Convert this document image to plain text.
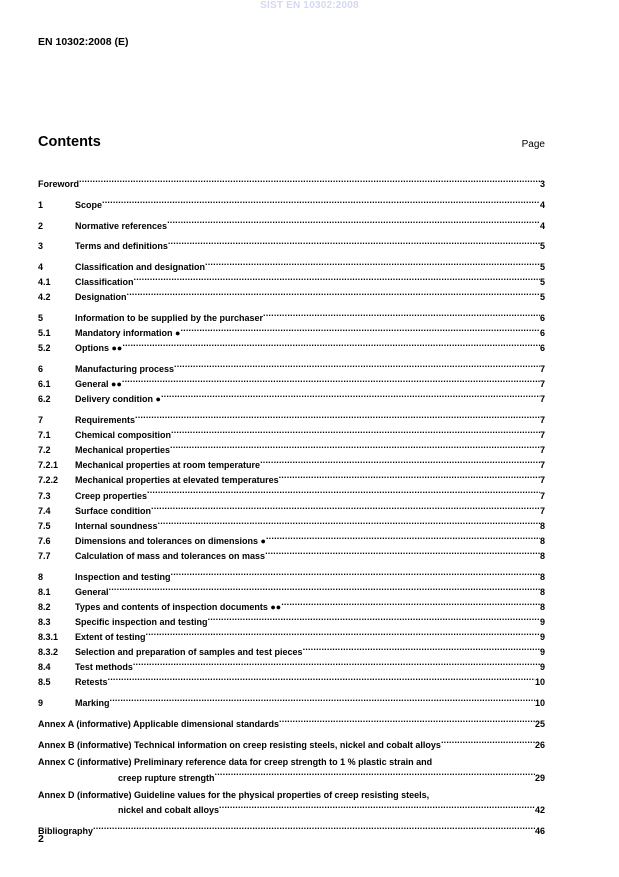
SIST EN 10302:2008
EN 10302:2008 (E)
Contents	Page
Foreword .....	3
1	Scope .....	4
2	Normative references .....	4
3	Terms and definitions .....	5
4	Classification and designation .....	5
4.1	Classification .....	5
4.2	Designation .....	5
5	Information to be supplied by the purchaser .....	6
5.1	Mandatory information ● .....	6
5.2	Options ●● .....	6
6	Manufacturing process .....	7
6.1	General ●● .....	7
6.2	Delivery condition ● .....	7
7	Requirements .....	7
7.1	Chemical composition .....	7
7.2	Mechanical properties .....	7
7.2.1	Mechanical properties at room temperature .....	7
7.2.2	Mechanical properties at elevated temperatures .....	7
7.3	Creep properties .....	7
7.4	Surface condition .....	7
7.5	Internal soundness .....	8
7.6	Dimensions and tolerances on dimensions ● .....	8
7.7	Calculation of mass and tolerances on mass .....	8
8	Inspection and testing .....	8
8.1	General .....	8
8.2	Types and contents of inspection documents ●● .....	8
8.3	Specific inspection and testing .....	9
8.3.1	Extent of testing .....	9
8.3.2	Selection and preparation of samples and test pieces .....	9
8.4	Test methods .....	9
8.5	Retests .....	10
9	Marking .....	10
Annex A (informative) Applicable dimensional standards .....	25
Annex B (informative) Technical information on creep resisting steels, nickel and cobalt alloys .....	26
Annex C (informative) Preliminary reference data for creep strength to 1 % plastic strain and
creep rupture strength .....	29
Annex D (informative) Guideline values for the physical properties of creep resisting steels,
nickel and cobalt alloys .....	42
Bibliography .....	46
2
